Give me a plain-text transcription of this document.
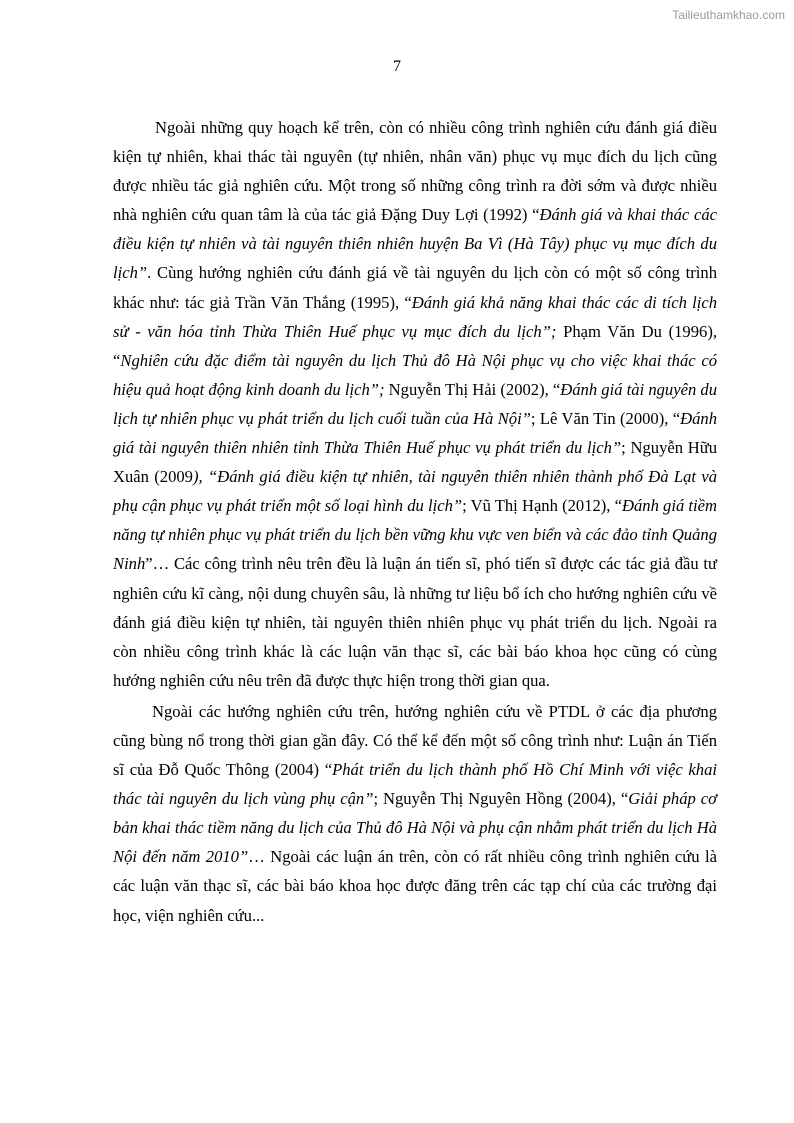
Tailieuthamkhao.com
7

Ngoài những quy hoạch kể trên, còn có nhiều công trình nghiên cứu đánh giá điều kiện tự nhiên, khai thác tài nguyên (tự nhiên, nhân văn) phục vụ mục đích du lịch cũng được nhiều tác giả nghiên cứu. Một trong số những công trình ra đời sớm và được nhiều nhà nghiên cứu quan tâm là của tác giả Đặng Duy Lợi (1992) “Đánh giá và khai thác các điều kiện tự nhiên và tài nguyên thiên nhiên huyện Ba Vì (Hà Tây) phục vụ mục đích du lịch”. Cùng hướng nghiên cứu đánh giá về tài nguyên du lịch còn có một số công trình khác như: tác giả Trần Văn Thắng (1995), “Đánh giá khả năng khai thác các di tích lịch sử - văn hóa tỉnh Thừa Thiên Huế phục vụ mục đích du lịch”; Phạm Văn Du (1996), “Nghiên cứu đặc điểm tài nguyên du lịch Thủ đô Hà Nội phục vụ cho việc khai thác có hiệu quả hoạt động kinh doanh du lịch”; Nguyễn Thị Hải (2002), “Đánh giá tài nguyên du lịch tự nhiên phục vụ phát triển du lịch cuối tuần của Hà Nội”; Lê Văn Tin (2000), “Đánh giá tài nguyên thiên nhiên tỉnh Thừa Thiên Huế phục vụ phát triển du lịch”; Nguyễn Hữu Xuân (2009), “Đánh giá điều kiện tự nhiên, tài nguyên thiên nhiên thành phố Đà Lạt và phụ cận phục vụ phát triển một số loại hình du lịch”; Vũ Thị Hạnh (2012), “Đánh giá tiềm năng tự nhiên phục vụ phát triển du lịch bền vững khu vực ven biển và các đảo tỉnh Quảng Ninh”… Các công trình nêu trên đều là luận án tiến sĩ, phó tiến sĩ được các tác giả đầu tư nghiên cứu kĩ càng, nội dung chuyên sâu, là những tư liệu bổ ích cho hướng nghiên cứu về đánh giá điều kiện tự nhiên, tài nguyên thiên nhiên phục vụ phát triển du lịch. Ngoài ra còn nhiều công trình khác là các luận văn thạc sĩ, các bài báo khoa học cũng có cùng hướng nghiên cứu nêu trên đã được thực hiện trong thời gian qua.

Ngoài các hướng nghiên cứu trên, hướng nghiên cứu về PTDL ở các địa phương cũng bùng nổ trong thời gian gần đây. Có thể kể đến một số công trình như: Luận án Tiến sĩ của Đỗ Quốc Thông (2004) “Phát triển du lịch thành phố Hồ Chí Minh với việc khai thác tài nguyên du lịch vùng phụ cận”; Nguyễn Thị Nguyên Hồng (2004), “Giải pháp cơ bản khai thác tiềm năng du lịch của Thủ đô Hà Nội và phụ cận nhằm phát triển du lịch Hà Nội đến năm 2010”… Ngoài các luận án trên, còn có rất nhiều công trình nghiên cứu là các luận văn thạc sĩ, các bài báo khoa học được đăng trên các tạp chí của các trường đại học, viện nghiên cứu...
